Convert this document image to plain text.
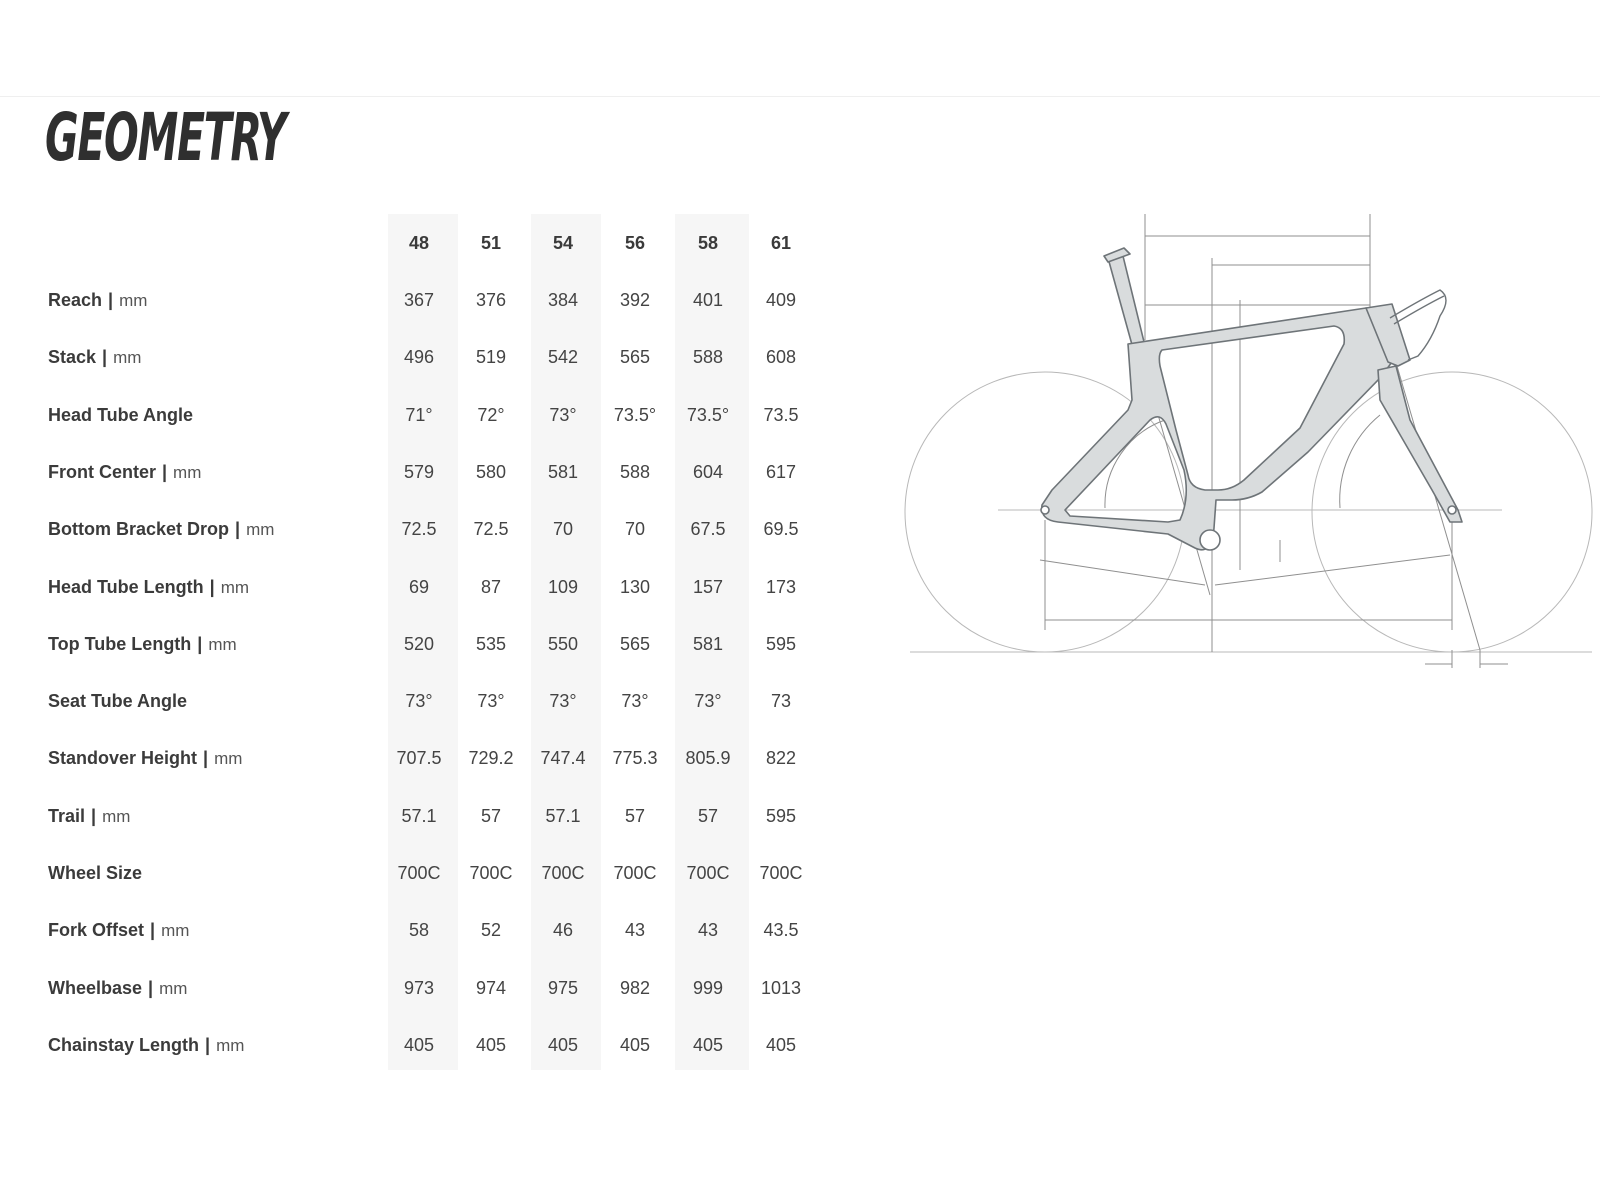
GEOMETRY
48	51	54	56	58	61
Reach | mm	367	376	384	392	401	409
Stack | mm	496	519	542	565	588	608
Head Tube Angle	71°	72°	73°	73.5°	73.5°	73.5
Front Center | mm	579	580	581	588	604	617
Bottom Bracket Drop | mm	72.5	72.5	70	70	67.5	69.5
Head Tube Length | mm	69	87	109	130	157	173
Top Tube Length | mm	520	535	550	565	581	595
Seat Tube Angle	73°	73°	73°	73°	73°	73
Standover Height | mm	707.5	729.2	747.4	775.3	805.9	822
Trail | mm	57.1	57	57.1	57	57	595
Wheel Size	700C	700C	700C	700C	700C	700C
Fork Offset | mm	58	52	46	43	43	43.5
Wheelbase | mm	973	974	975	982	999	1013
Chainstay Length | mm	405	405	405	405	405	405
